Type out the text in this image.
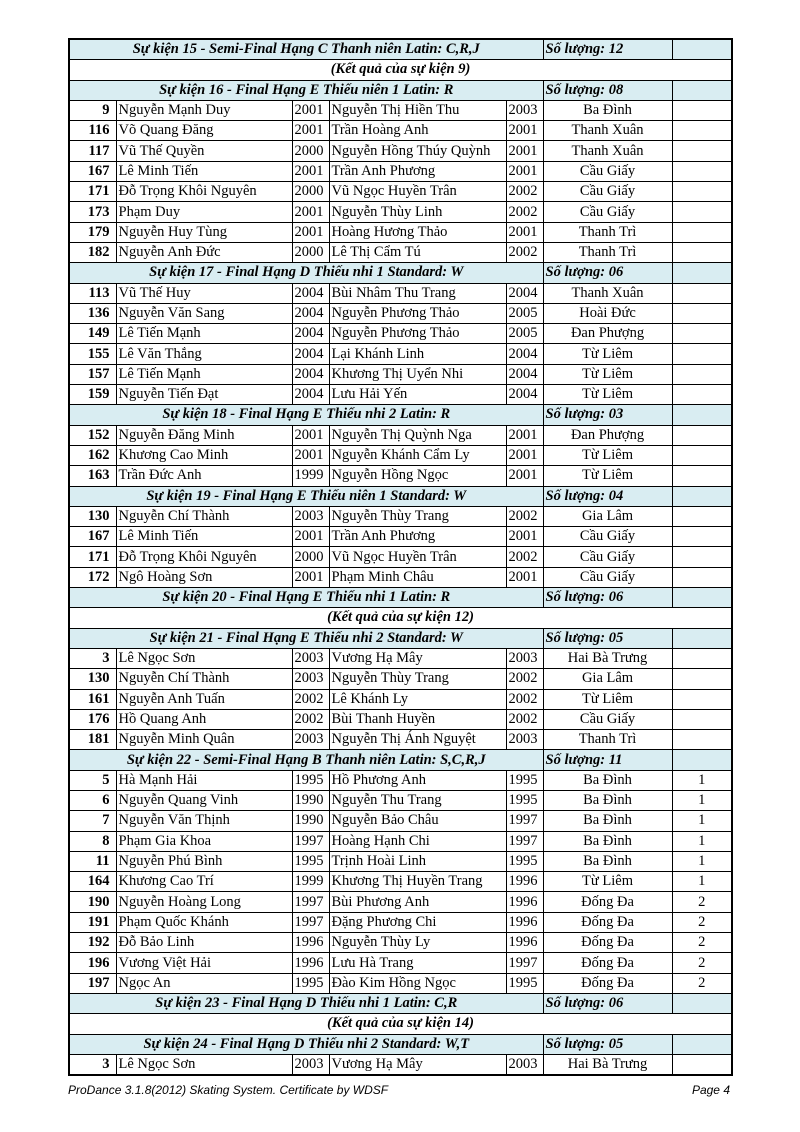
Sự kiện 15 - Semi-Final Hạng C Thanh niên Latin: C,R,J					Số lượng: 12	
(Kết quả của sự kiện 9)						
Sự kiện 16 - Final Hạng E Thiếu niên 1 Latin: R					Số lượng: 08	
9	Nguyễn Mạnh Duy	2001	Nguyễn Thị Hiền Thu	2003	Ba Đình	
116	Võ Quang Đăng	2001	Trần Hoàng Anh	2001	Thanh Xuân	
117	Vũ Thế Quyền	2000	Nguyễn Hồng Thúy Quỳnh	2001	Thanh Xuân	
167	Lê Minh Tiến	2001	Trần Anh Phương	2001	Cầu Giấy	
171	Đỗ Trọng Khôi Nguyên	2000	Vũ Ngọc Huyền Trân	2002	Cầu Giấy	
173	Phạm Duy	2001	Nguyễn Thùy Linh	2002	Cầu Giấy	
179	Nguyễn Huy Tùng	2001	Hoàng Hương Thảo	2001	Thanh Trì	
182	Nguyễn Anh Đức	2000	Lê Thị Cẩm Tú	2002	Thanh Trì	
Sự kiện 17 - Final Hạng D Thiếu nhi 1 Standard: W					Số lượng: 06	
113	Vũ Thế Huy	2004	Bùi Nhâm Thu Trang	2004	Thanh Xuân	
136	Nguyễn Văn Sang	2004	Nguyễn Phương Thảo	2005	Hoài Đức	
149	Lê Tiến Mạnh	2004	Nguyễn Phương Thảo	2005	Đan Phượng	
155	Lê Văn Thắng	2004	Lại Khánh Linh	2004	Từ Liêm	
157	Lê Tiến Mạnh	2004	Khương Thị Uyển Nhi	2004	Từ Liêm	
159	Nguyễn Tiến Đạt	2004	Lưu Hải Yến	2004	Từ Liêm	
Sự kiện 18 - Final Hạng E Thiếu nhi 2 Latin: R					Số lượng: 03	
152	Nguyễn Đăng Minh	2001	Nguyễn Thị Quỳnh Nga	2001	Đan Phượng	
162	Khương Cao Minh	2001	Nguyễn Khánh Cẩm Ly	2001	Từ Liêm	
163	Trần Đức Anh	1999	Nguyễn Hồng Ngọc	2001	Từ Liêm	
Sự kiện 19 - Final Hạng E Thiếu niên 1 Standard: W					Số lượng: 04	
130	Nguyễn Chí Thành	2003	Nguyễn Thùy Trang	2002	Gia Lâm	
167	Lê Minh Tiến	2001	Trần Anh Phương	2001	Cầu Giấy	
171	Đỗ Trọng Khôi Nguyên	2000	Vũ Ngọc Huyền Trân	2002	Cầu Giấy	
172	Ngô Hoàng Sơn	2001	Phạm Minh Châu	2001	Cầu Giấy	
Sự kiện 20 - Final Hạng E Thiếu nhi 1 Latin: R					Số lượng: 06	
(Kết quả của sự kiện 12)						
Sự kiện 21 - Final Hạng E Thiếu nhi 2 Standard: W					Số lượng: 05	
3	Lê Ngọc Sơn	2003	Vương Hạ Mây	2003	Hai Bà Trưng	
130	Nguyễn Chí Thành	2003	Nguyễn Thùy Trang	2002	Gia Lâm	
161	Nguyễn Anh Tuấn	2002	Lê Khánh Ly	2002	Từ Liêm	
176	Hồ Quang Anh	2002	Bùi Thanh Huyền	2002	Cầu Giấy	
181	Nguyễn Minh Quân	2003	Nguyễn Thị Ánh Nguyệt	2003	Thanh Trì	
Sự kiện 22 - Semi-Final Hạng B Thanh niên Latin: S,C,R,J					Số lượng: 11	
5	Hà Mạnh Hải	1995	Hồ Phương Anh	1995	Ba Đình	1
6	Nguyễn Quang Vinh	1990	Nguyễn Thu Trang	1995	Ba Đình	1
7	Nguyễn Văn Thịnh	1990	Nguyễn Bảo Châu	1997	Ba Đình	1
8	Phạm Gia Khoa	1997	Hoàng Hạnh Chi	1997	Ba Đình	1
11	Nguyễn Phú Bình	1995	Trịnh Hoài Linh	1995	Ba Đình	1
164	Khương Cao Trí	1999	Khương Thị Huyền Trang	1996	Từ Liêm	1
190	Nguyễn Hoàng Long	1997	Bùi Phương Anh	1996	Đống Đa	2
191	Phạm Quốc Khánh	1997	Đặng Phương Chi	1996	Đống Đa	2
192	Đỗ Bảo Linh	1996	Nguyễn Thùy Ly	1996	Đống Đa	2
196	Vương Việt Hải	1996	Lưu Hà Trang	1997	Đống Đa	2
197	Ngọc An	1995	Đào Kim Hồng Ngọc	1995	Đống Đa	2
Sự kiện 23 - Final Hạng D Thiếu nhi 1 Latin: C,R					Số lượng: 06	
(Kết quả của sự kiện 14)						
Sự kiện 24 - Final Hạng D Thiếu nhi 2 Standard: W,T					Số lượng: 05	
3	Lê Ngọc Sơn	2003	Vương Hạ Mây	2003	Hai Bà Trưng	
ProDance 3.1.8(2012) Skating System. Certificate by WDSF	Page 4
